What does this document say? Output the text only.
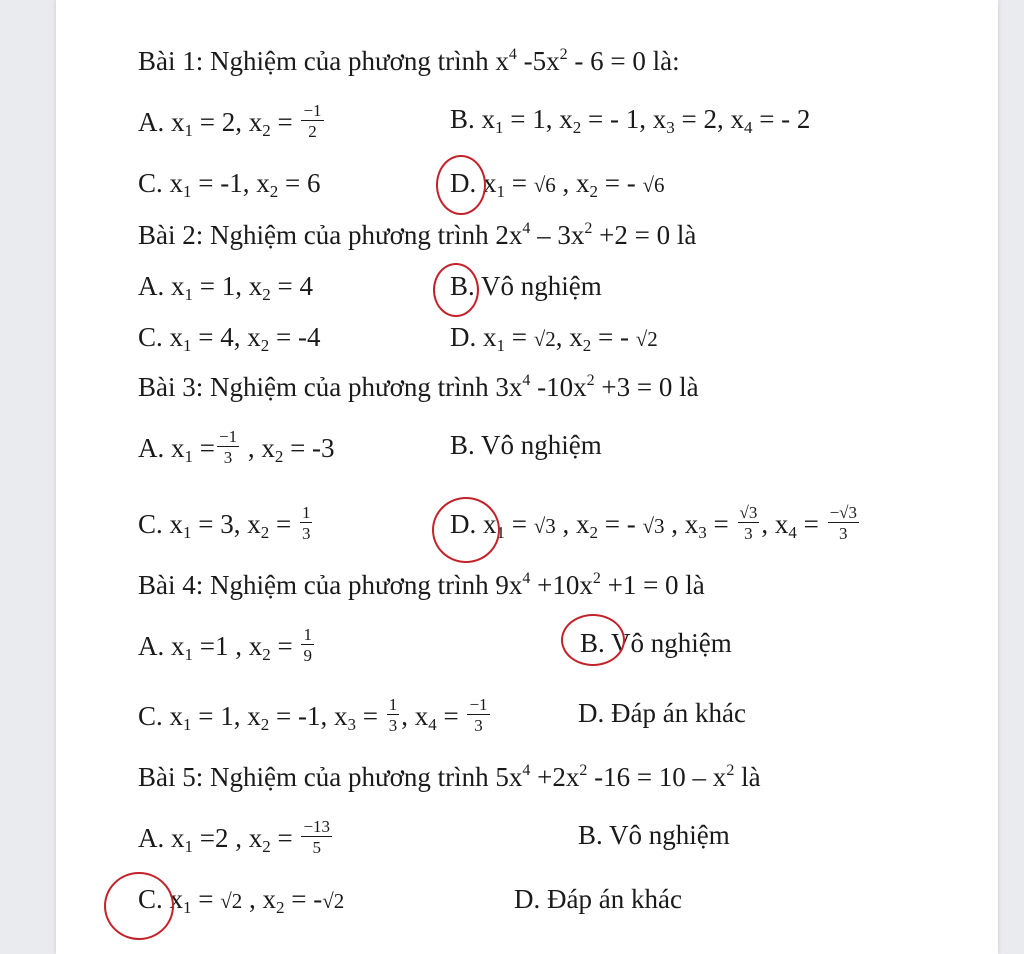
Bài 1: Nghiệm của phương trình $x^4$ $-5x^2 - 6 = 0$ là:
A. $x_1 = 2$, $x_2 = \frac{-1}{2}$	B. $x_1 = 1$, $x_2$ = - 1, $x_3 = 2$, $x_4$ = - 2
C. $x_1 = -1$, $x_2 = 6$	D. $x_1 = √6$ , $x_2$ = - √6
Bài 2: Nghiệm của phương trình $2x^4 - 3x^2 +2 = 0$ là
A. $x_1 = 1$, $x_2 = 4$	B. Vô nghiệm
C. $x_1 = 4$, $x_2 = -4$	D. $x_1 = √2$, $x_2$ = - √2
Bài 3: Nghiệm của phương trình $3x^4$ $-10x^2 +3 = 0$ là
A. $x_1 = \frac{-1}{3}$ , $x_2 = -3$	B. Vô nghiệm
C. $x_1 = 3$, $x_2 = \frac{1}{3}$	D. $x_1 = √3$ , $x_2$ = - √3 , $x_3 = \frac{√3}{3}$ , $x_4 = \frac{-√3}{3}$
Bài 4: Nghiệm của phương trình $9x^4 +10x^2 +1 = 0$ là
A. $x_1 =1$ , $x_2 = \frac{1}{9}$	B. Vô nghiệm
C. $x_1 = 1$, $x_2 = -1$, $x_3 = \frac{1}{3}$ , $x_4 = \frac{-1}{3}$	D. Đáp án khác
Bài 5: Nghiệm của phương trình $5x^4 +2x^2$ $-16 = 10 - x^2$ là
A. $x_1 =2$ , $x_2 = \frac{-13}{5}$	B. Vô nghiệm
C. $x_1 = √2$ , $x_2 = -√2$	D. Đáp án khác
